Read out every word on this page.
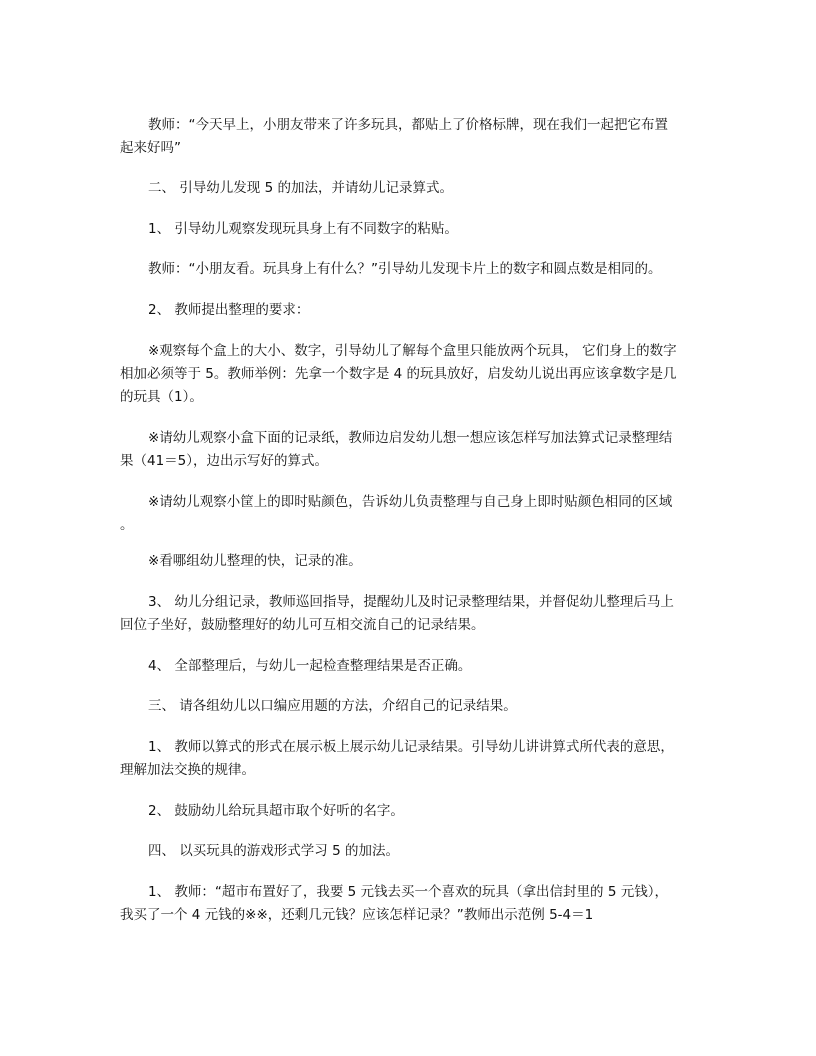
教师：“今天早上，小朋友带来了许多玩具，都贴上了价格标牌，现在我们一起把它布置
起来好吗”
二、 引导幼儿发现 5 的加法，并请幼儿记录算式。
1、 引导幼儿观察发现玩具身上有不同数字的粘贴。
教师：“小朋友看。玩具身上有什么？”引导幼儿发现卡片上的数字和圆点数是相同的。
2、 教师提出整理的要求：
※观察每个盒上的大小、数字，引导幼儿了解每个盒里只能放两个玩具， 它们身上的数字
相加必须等于 5。教师举例：先拿一个数字是 4 的玩具放好，启发幼儿说出再应该拿数字是几
的玩具（1）。
※请幼儿观察小盒下面的记录纸，教师边启发幼儿想一想应该怎样写加法算式记录整理结
果（41＝5），边出示写好的算式。
※请幼儿观察小筐上的即时贴颜色，告诉幼儿负责整理与自己身上即时贴颜色相同的区域
。
※看哪组幼儿整理的快，记录的准。
3、 幼儿分组记录，教师巡回指导，提醒幼儿及时记录整理结果，并督促幼儿整理后马上
回位子坐好，鼓励整理好的幼儿可互相交流自己的记录结果。
4、 全部整理后，与幼儿一起检查整理结果是否正确。
三、 请各组幼儿以口编应用题的方法，介绍自己的记录结果。
1、 教师以算式的形式在展示板上展示幼儿记录结果。引导幼儿讲讲算式所代表的意思，
理解加法交换的规律。
2、 鼓励幼儿给玩具超市取个好听的名字。
四、 以买玩具的游戏形式学习 5 的加法。
1、 教师：“超市布置好了，我要 5 元钱去买一个喜欢的玩具（拿出信封里的 5 元钱），
我买了一个 4 元钱的※※，还剩几元钱？应该怎样记录？”教师出示范例 5-4＝1
